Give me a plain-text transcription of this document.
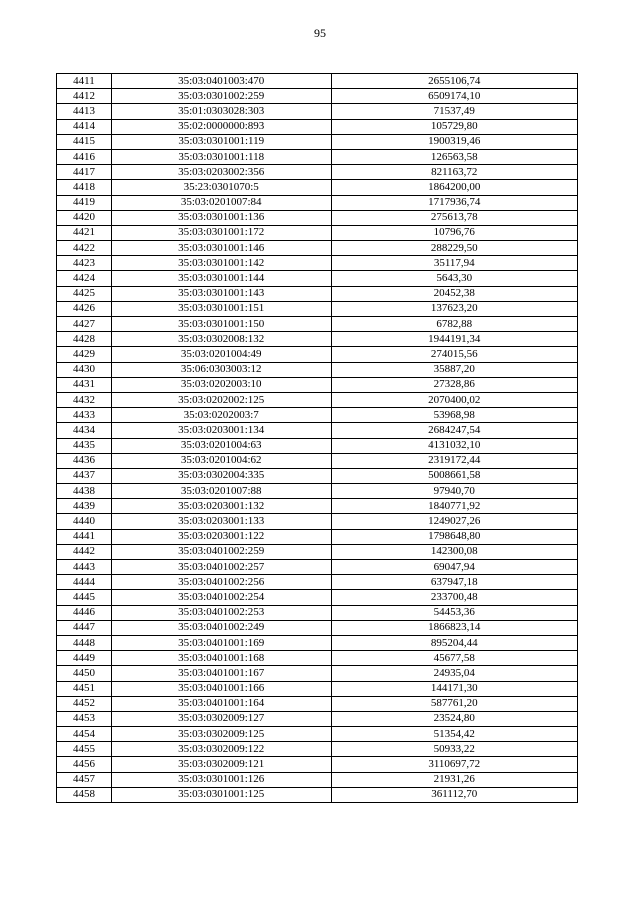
95
4411	35:03:0401003:470	2655106,74
4412	35:03:0301002:259	6509174,10
4413	35:01:0303028:303	71537,49
4414	35:02:0000000:893	105729,80
4415	35:03:0301001:119	1900319,46
4416	35:03:0301001:118	126563,58
4417	35:03:0203002:356	821163,72
4418	35:23:0301070:5	1864200,00
4419	35:03:0201007:84	1717936,74
4420	35:03:0301001:136	275613,78
4421	35:03:0301001:172	10796,76
4422	35:03:0301001:146	288229,50
4423	35:03:0301001:142	35117,94
4424	35:03:0301001:144	5643,30
4425	35:03:0301001:143	20452,38
4426	35:03:0301001:151	137623,20
4427	35:03:0301001:150	6782,88
4428	35:03:0302008:132	1944191,34
4429	35:03:0201004:49	274015,56
4430	35:06:0303003:12	35887,20
4431	35:03:0202003:10	27328,86
4432	35:03:0202002:125	2070400,02
4433	35:03:0202003:7	53968,98
4434	35:03:0203001:134	2684247,54
4435	35:03:0201004:63	4131032,10
4436	35:03:0201004:62	2319172,44
4437	35:03:0302004:335	5008661,58
4438	35:03:0201007:88	97940,70
4439	35:03:0203001:132	1840771,92
4440	35:03:0203001:133	1249027,26
4441	35:03:0203001:122	1798648,80
4442	35:03:0401002:259	142300,08
4443	35:03:0401002:257	69047,94
4444	35:03:0401002:256	637947,18
4445	35:03:0401002:254	233700,48
4446	35:03:0401002:253	54453,36
4447	35:03:0401002:249	1866823,14
4448	35:03:0401001:169	895204,44
4449	35:03:0401001:168	45677,58
4450	35:03:0401001:167	24935,04
4451	35:03:0401001:166	144171,30
4452	35:03:0401001:164	587761,20
4453	35:03:0302009:127	23524,80
4454	35:03:0302009:125	51354,42
4455	35:03:0302009:122	50933,22
4456	35:03:0302009:121	3110697,72
4457	35:03:0301001:126	21931,26
4458	35:03:0301001:125	361112,70
